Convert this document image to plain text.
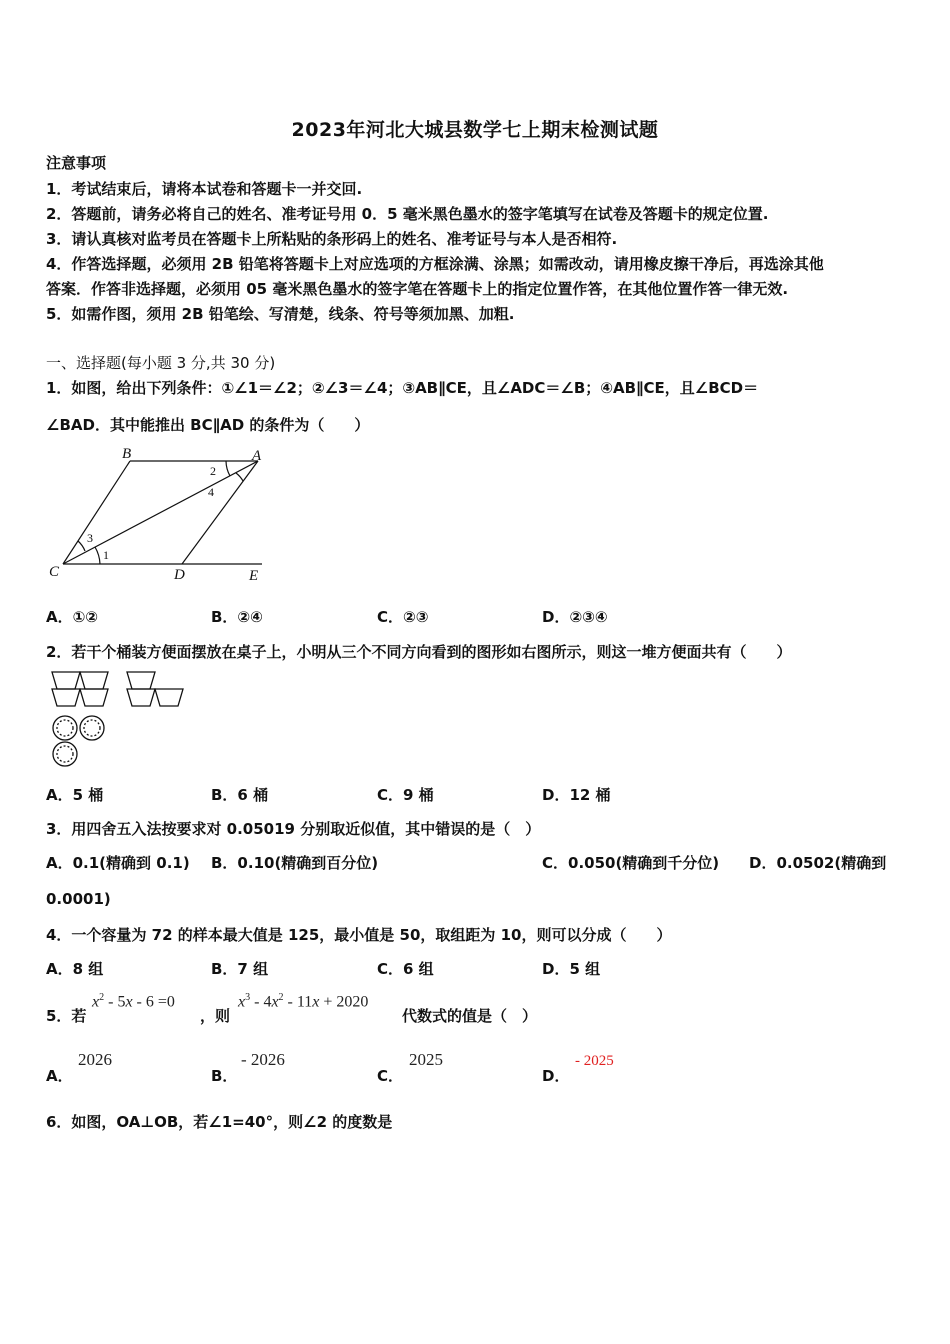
2023年河北大城县数学七上期末检测试题
注意事项
1．考试结束后，请将本试卷和答题卡一并交回.
2．答题前，请务必将自己的姓名、准考证号用 0．5 毫米黑色墨水的签字笔填写在试卷及答题卡的规定位置.
3．请认真核对监考员在答题卡上所粘贴的条形码上的姓名、准考证号与本人是否相符.
4．作答选择题，必须用 2B 铅笔将答题卡上对应选项的方框涂满、涂黑；如需改动，请用橡皮擦干净后，再选涂其他
答案．作答非选择题，必须用 05 毫米黑色墨水的签字笔在答题卡上的指定位置作答，在其他位置作答一律无效.
5．如需作图，须用 2B 铅笔绘、写清楚，线条、符号等须加黑、加粗.
一、选择题(每小题 3 分,共 30 分)
1．如图，给出下列条件：①∠1＝∠2；②∠3＝∠4；③AB∥CE，且∠ADC＝∠B；④AB∥CE，且∠BCD＝
∠BAD．其中能推出 BC∥AD 的条件为（　　）
B	A
C	D	E
1
2
3
4
A．①②	B．②④	C．②③	D．②③④
2．若干个桶装方便面摆放在桌子上，小明从三个不同方向看到的图形如右图所示，则这一堆方便面共有（　　）
A．5 桶	B．6 桶	C．9 桶	D．12 桶
3．用四舍五入法按要求对 0.05019 分别取近似值，其中错误的是（　）
A．0.1(精确到 0.1) B．0.10(精确到百分位)	C．0.050(精确到千分位) D．0.0502(精确到
0.0001)
4．一个容量为 72 的样本最大值是 125，最小值是 50，取组距为 10，则可以分成（　　）
A．8 组	B．7 组	C．6 组	D．5 组
5．若
$x^2 - 5x - 6 =0$
，则
$x^3 - 4x^2 - 11x + 2020$
代数式的值是（　）
A．
2026
B．
- 2026
C．
2025
D．
- 2025
6．如图，OA⊥OB，若∠1=40°，则∠2 的度数是
